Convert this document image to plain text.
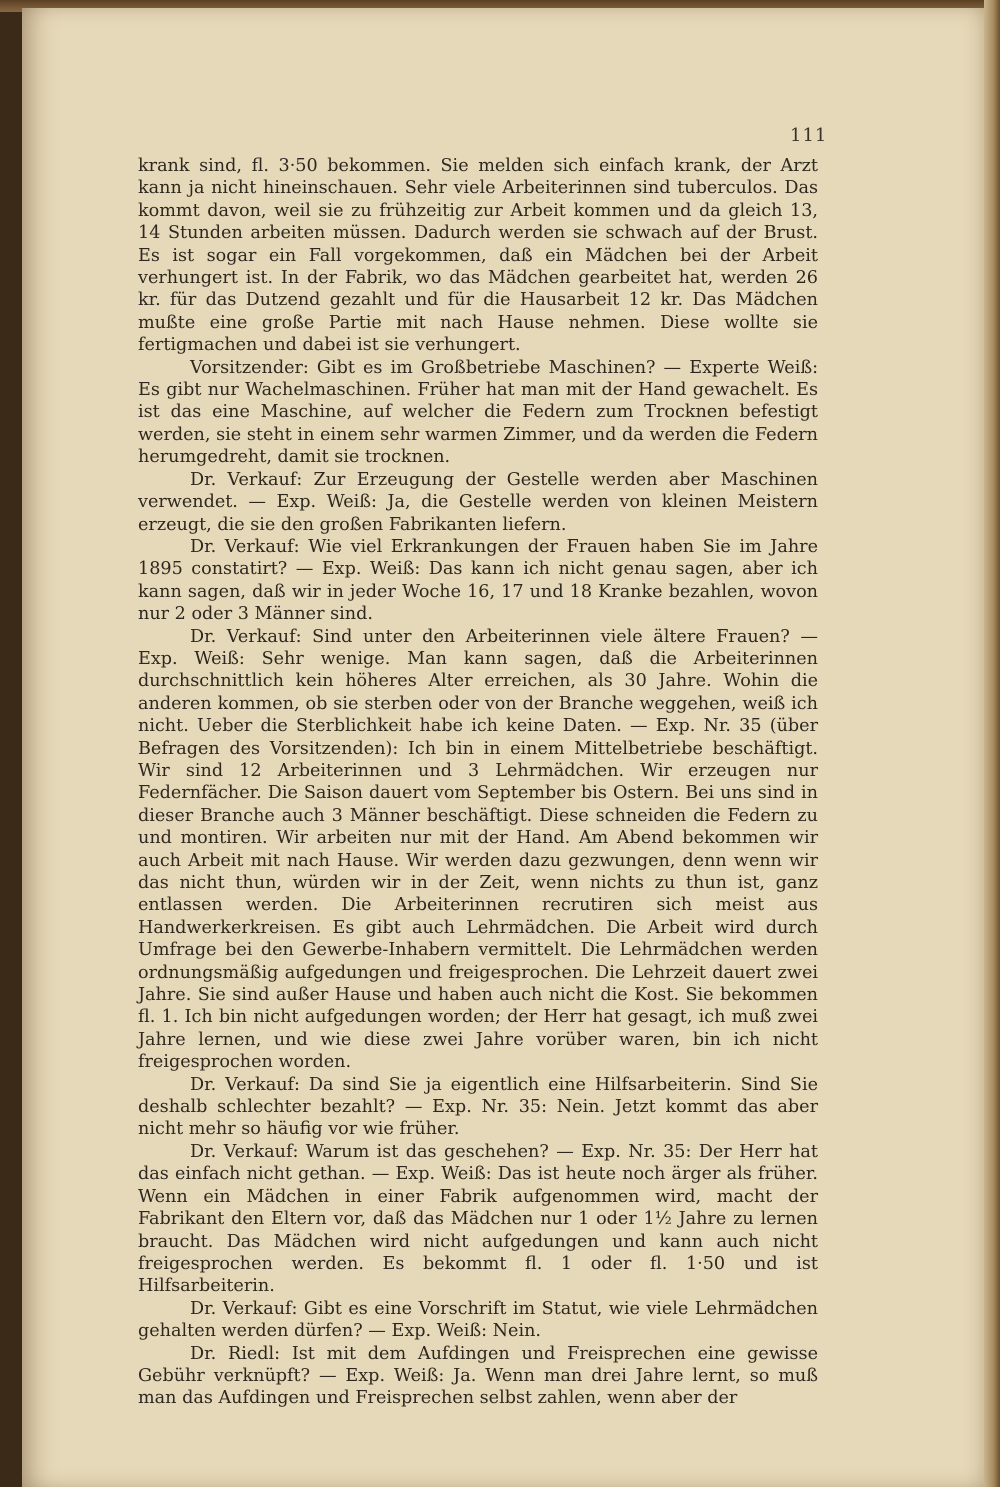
111

krank sind, fl. 3·50 bekommen. Sie melden sich einfach krank, der Arzt kann ja nicht hineinschauen. Sehr viele Arbeiterinnen sind tuberculos. Das kommt davon, weil sie zu frühzeitig zur Arbeit kommen und da gleich 13, 14 Stunden arbeiten müssen. Dadurch werden sie schwach auf der Brust. Es ist sogar ein Fall vorgekommen, daß ein Mädchen bei der Arbeit verhungert ist. In der Fabrik, wo das Mädchen gearbeitet hat, werden 26 kr. für das Dutzend gezahlt und für die Hausarbeit 12 kr. Das Mädchen mußte eine große Partie mit nach Hause nehmen. Diese wollte sie fertigmachen und dabei ist sie verhungert.

Vorsitzender: Gibt es im Großbetriebe Maschinen? — Experte Weiß: Es gibt nur Wachelmaschinen. Früher hat man mit der Hand gewachelt. Es ist das eine Maschine, auf welcher die Federn zum Trocknen befestigt werden, sie steht in einem sehr warmen Zimmer, und da werden die Federn herumgedreht, damit sie trocknen.

Dr. Verkauf: Zur Erzeugung der Gestelle werden aber Maschinen verwendet. — Exp. Weiß: Ja, die Gestelle werden von kleinen Meistern erzeugt, die sie den großen Fabrikanten liefern.

Dr. Verkauf: Wie viel Erkrankungen der Frauen haben Sie im Jahre 1895 constatirt? — Exp. Weiß: Das kann ich nicht genau sagen, aber ich kann sagen, daß wir in jeder Woche 16, 17 und 18 Kranke bezahlen, wovon nur 2 oder 3 Männer sind.

Dr. Verkauf: Sind unter den Arbeiterinnen viele ältere Frauen? — Exp. Weiß: Sehr wenige. Man kann sagen, daß die Arbeiterinnen durchschnittlich kein höheres Alter erreichen, als 30 Jahre. Wohin die anderen kommen, ob sie sterben oder von der Branche weggehen, weiß ich nicht. Ueber die Sterblichkeit habe ich keine Daten. — Exp. Nr. 35 (über Befragen des Vorsitzenden): Ich bin in einem Mittelbetriebe beschäftigt. Wir sind 12 Arbeiterinnen und 3 Lehrmädchen. Wir erzeugen nur Federnfächer. Die Saison dauert vom September bis Ostern. Bei uns sind in dieser Branche auch 3 Männer beschäftigt. Diese schneiden die Federn zu und montiren. Wir arbeiten nur mit der Hand. Am Abend bekommen wir auch Arbeit mit nach Hause. Wir werden dazu gezwungen, denn wenn wir das nicht thun, würden wir in der Zeit, wenn nichts zu thun ist, ganz entlassen werden. Die Arbeiterinnen recrutiren sich meist aus Handwerkerkreisen. Es gibt auch Lehrmädchen. Die Arbeit wird durch Umfrage bei den Gewerbe-Inhabern vermittelt. Die Lehrmädchen werden ordnungsmäßig aufgedungen und freigesprochen. Die Lehrzeit dauert zwei Jahre. Sie sind außer Hause und haben auch nicht die Kost. Sie bekommen fl. 1. Ich bin nicht aufgedungen worden; der Herr hat gesagt, ich muß zwei Jahre lernen, und wie diese zwei Jahre vorüber waren, bin ich nicht freigesprochen worden.

Dr. Verkauf: Da sind Sie ja eigentlich eine Hilfsarbeiterin. Sind Sie deshalb schlechter bezahlt? — Exp. Nr. 35: Nein. Jetzt kommt das aber nicht mehr so häufig vor wie früher.

Dr. Verkauf: Warum ist das geschehen? — Exp. Nr. 35: Der Herr hat das einfach nicht gethan. — Exp. Weiß: Das ist heute noch ärger als früher. Wenn ein Mädchen in einer Fabrik aufgenommen wird, macht der Fabrikant den Eltern vor, daß das Mädchen nur 1 oder 1½ Jahre zu lernen braucht. Das Mädchen wird nicht aufgedungen und kann auch nicht freigesprochen werden. Es bekommt fl. 1 oder fl. 1·50 und ist Hilfsarbeiterin.

Dr. Verkauf: Gibt es eine Vorschrift im Statut, wie viele Lehrmädchen gehalten werden dürfen? — Exp. Weiß: Nein.

Dr. Riedl: Ist mit dem Aufdingen und Freisprechen eine gewisse Gebühr verknüpft? — Exp. Weiß: Ja. Wenn man drei Jahre lernt, so muß man das Aufdingen und Freisprechen selbst zahlen, wenn aber der
